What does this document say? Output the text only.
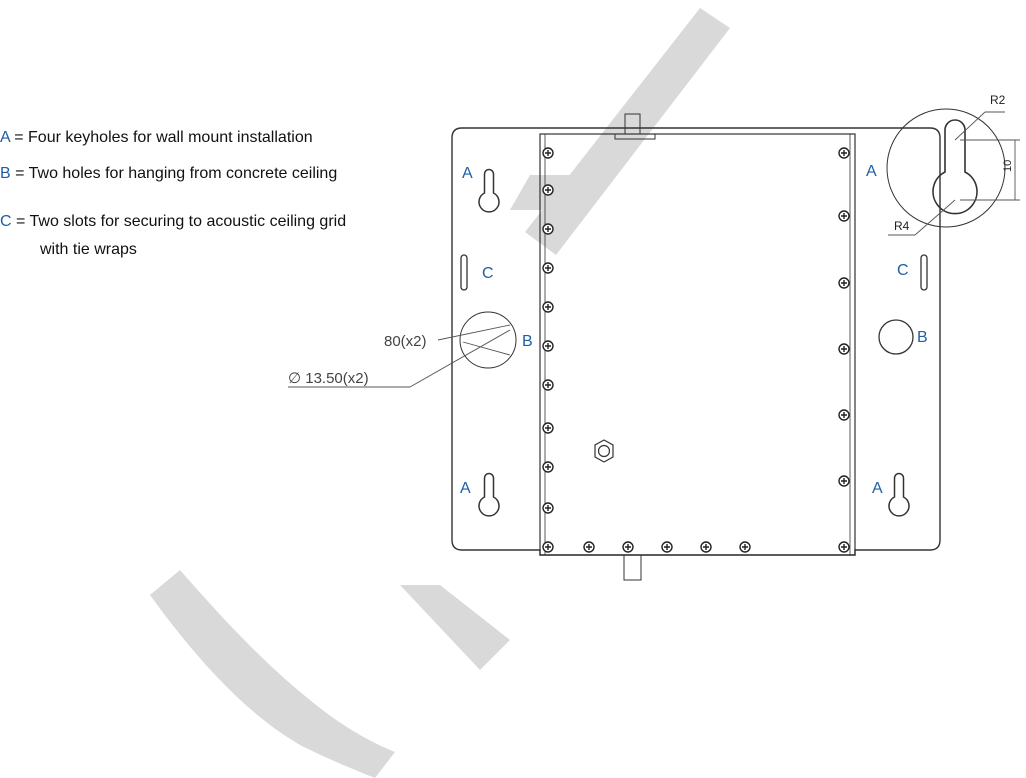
A
A
A
A
C	C
B	B
80(x2)
∅ 13.50(x2)
R2
R4
10
A = Four keyholes for wall mount installation
B = Two holes for hanging from concrete ceiling
C = Two slots for securing to acoustic ceiling grid
with tie wraps
